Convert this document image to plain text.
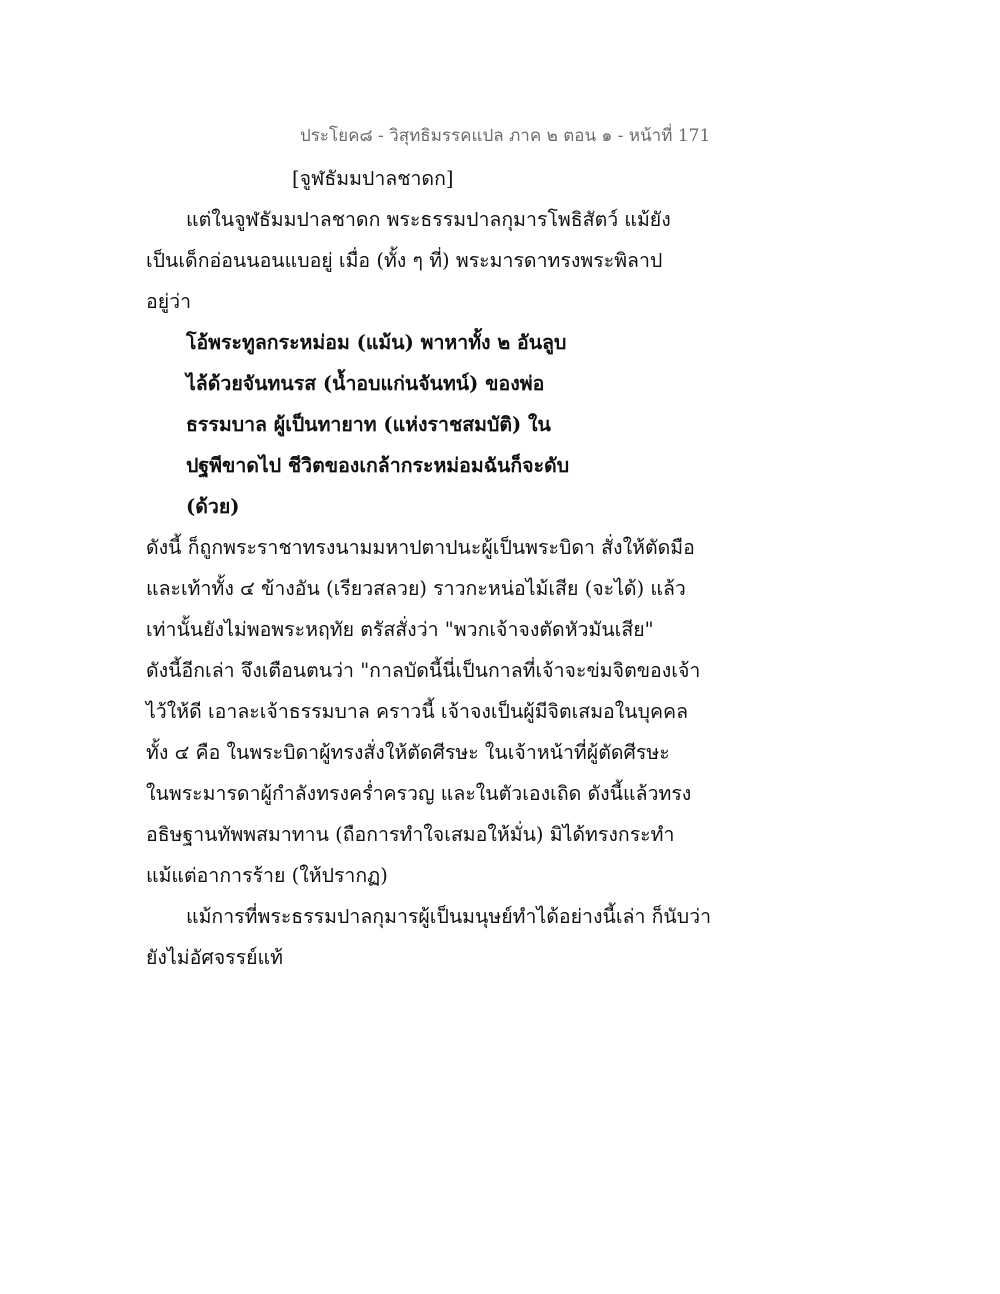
ประโยค๘ - วิสุทธิมรรคแปล ภาค ๒ ตอน ๑ - หน้าที่ 171
[จูฬธัมมปาลชาดก]
แต่ในจูฬธัมมปาลชาดก พระธรรมปาลกุมารโพธิสัตว์ แม้ยัง
เป็นเด็กอ่อนนอนแบอยู่ เมื่อ (ทั้ง ๆ ที่) พระมารดาทรงพระพิลาป
อยู่ว่า
โอ้พระทูลกระหม่อม (แม้น) พาหาทั้ง ๒ อันลูบ
ไล้ด้วยจันทนรส (น้ำอบแก่นจันทน์) ของพ่อ
ธรรมบาล ผู้เป็นทายาท (แห่งราชสมบัติ) ใน
ปฐพีขาดไป ชีวิตของเกล้ากระหม่อมฉันก็จะดับ
(ด้วย)
ดังนี้ ก็ถูกพระราชาทรงนามมหาปตาปนะผู้เป็นพระบิดา สั่งให้ตัดมือ
และเท้าทั้ง ๔ ข้างอัน (เรียวสลวย) ราวกะหน่อไม้เสีย (จะได้) แล้ว
เท่านั้นยังไม่พอพระหฤทัย ตรัสสั่งว่า "พวกเจ้าจงตัดหัวมันเสีย"
ดังนี้อีกเล่า จึงเตือนตนว่า "กาลบัดนี้นี่เป็นกาลที่เจ้าจะข่มจิตของเจ้า
ไว้ให้ดี เอาละเจ้าธรรมบาล คราวนี้ เจ้าจงเป็นผู้มีจิตเสมอในบุคคล
ทั้ง ๔ คือ ในพระบิดาผู้ทรงสั่งให้ตัดศีรษะ ในเจ้าหน้าที่ผู้ตัดศีรษะ
ในพระมารดาผู้กำลังทรงคร่ำครวญ และในตัวเองเถิด ดังนี้แล้วทรง
อธิษฐานทัพพสมาทาน (ถือการทำใจเสมอให้มั่น) มิได้ทรงกระทำ
แม้แต่อาการร้าย (ให้ปรากฏ)
แม้การที่พระธรรมปาลกุมารผู้เป็นมนุษย์ทำได้อย่างนี้เล่า ก็นับว่า
ยังไม่อัศจรรย์แท้
